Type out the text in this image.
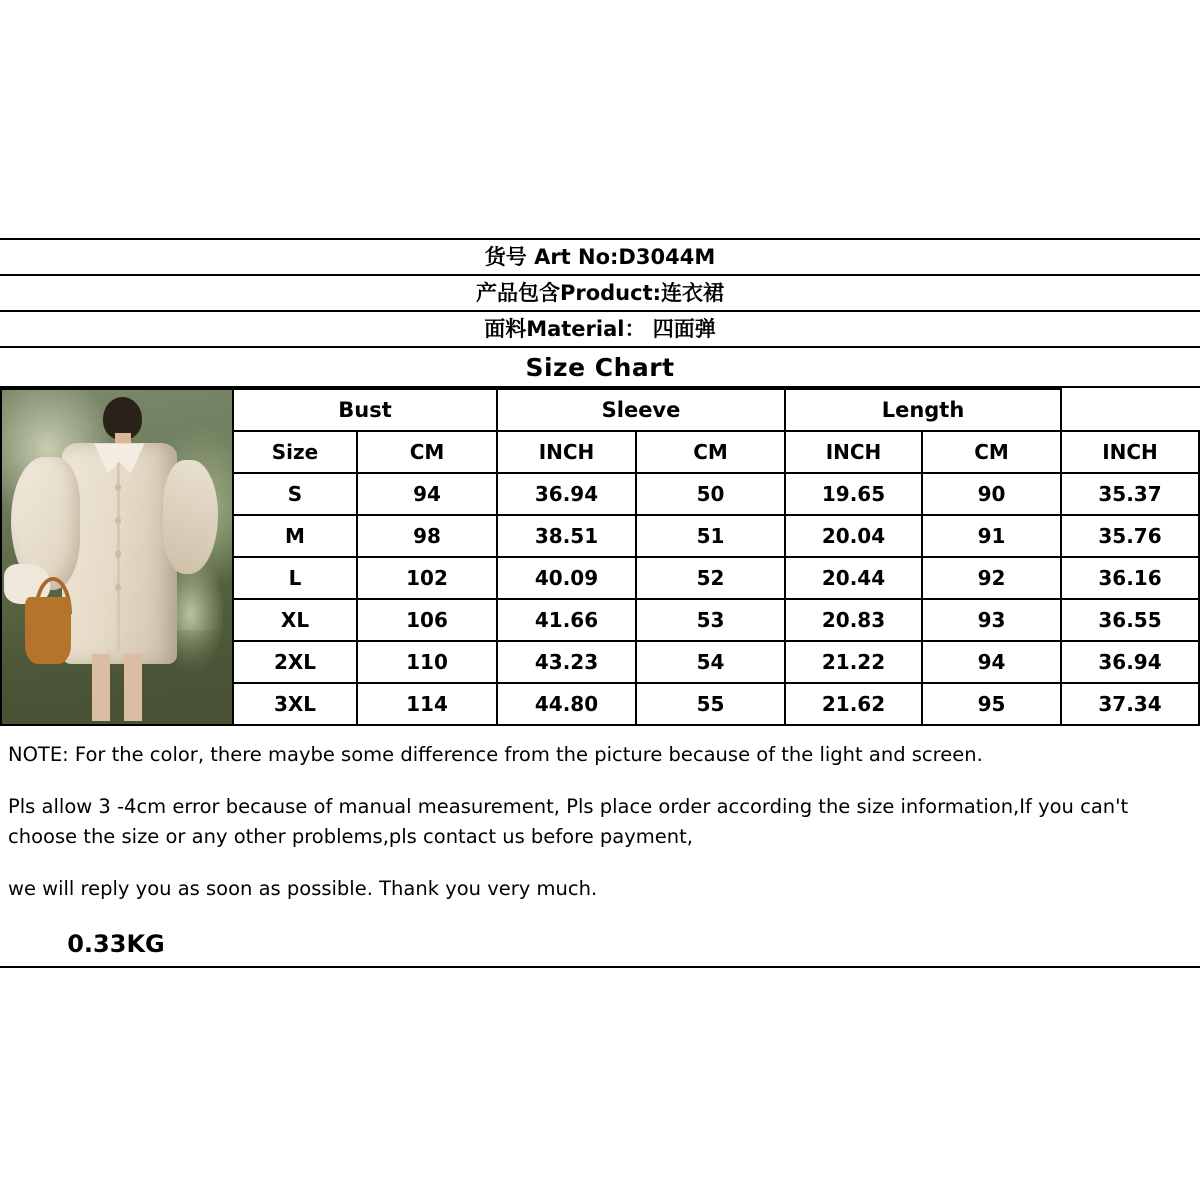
货号 Art No:D3044M
产品包含Product:连衣裙
面料Material： 四面弹
Size Chart
	Bust		Sleeve		Length		
	Size	CM	INCH	CM	INCH	CM	INCH
	S	94	36.94	50	19.65	90	35.37
	M	98	38.51	51	20.04	91	35.76
	L	102	40.09	52	20.44	92	36.16
	XL	106	41.66	53	20.83	93	36.55
	2XL	110	43.23	54	21.22	94	36.94
	3XL	114	44.80	55	21.62	95	37.34

NOTE: For the color, there maybe some difference from the picture because of the light and screen.

Pls allow 3 -4cm error because of manual measurement, Pls place order according the size information,If you can't choose the size or any other problems,pls contact us before payment,

we will reply you as soon as possible. Thank you very much.

0.33KG
